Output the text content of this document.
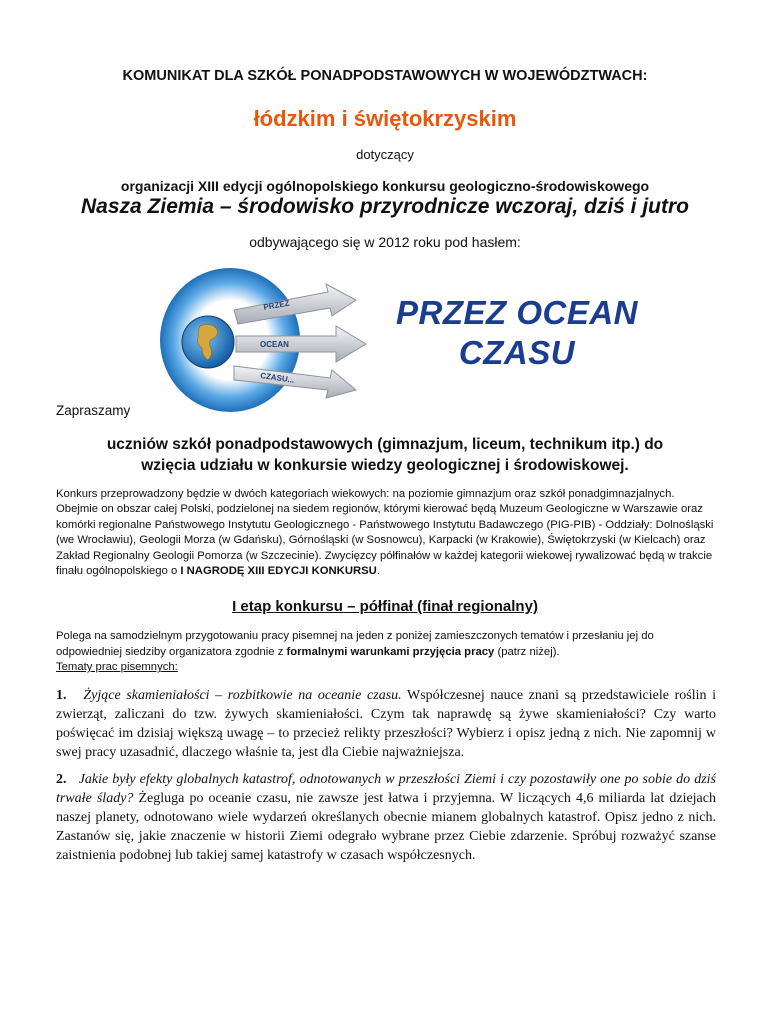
KOMUNIKAT DLA SZKÓŁ PONADPODSTAWOWYCH W WOJEWÓDZTWACH:
łódzkim i świętokrzyskim
dotyczący
organizacji XIII edycji ogólnopolskiego konkursu geologiczno-środowiskowego
Nasza Ziemia – środowisko przyrodnicze wczoraj, dziś i jutro
odbywającego się w 2012 roku pod hasłem:
PRZEZ
OCEAN
CZASU...
PRZEZ OCEAN
CZASU
Zapraszamy
uczniów szkół ponadpodstawowych (gimnazjum, liceum, technikum itp.) do
wzięcia udziału w konkursie wiedzy geologicznej i środowiskowej.
Konkurs przeprowadzony będzie w dwóch kategoriach wiekowych: na poziomie gimnazjum oraz szkół ponadgimnazjalnych. Obejmie on obszar całej Polski, podzielonej na siedem regionów, którymi kierować będą Muzeum Geologiczne w Warszawie oraz komórki regionalne Państwowego Instytutu Geologicznego - Państwowego Instytutu Badawczego (PIG-PIB) - Oddziały: Dolnośląski (we Wrocławiu), Geologii Morza (w Gdańsku), Górnośląski (w Sosnowcu), Karpacki (w Krakowie), Świętokrzyski (w Kielcach) oraz Zakład Regionalny Geologii Pomorza (w Szczecinie). Zwycięzcy półfinałów w każdej kategorii wiekowej rywalizować będą w trakcie finału ogólnopolskiego o I NAGRODĘ XIII EDYCJI KONKURSU.
I etap konkursu – półfinał (finał regionalny)
Polega na samodzielnym przygotowaniu pracy pisemnej na jeden z poniżej zamieszczonych tematów i przesłaniu jej do odpowiedniej siedziby organizatora zgodnie z formalnymi warunkami przyjęcia pracy (patrz niżej).
Tematy prac pisemnych:
1. Żyjące skamieniałości – rozbitkowie na oceanie czasu. Współczesnej nauce znani są przedstawiciele roślin i zwierząt, zaliczani do tzw. żywych skamieniałości. Czym tak naprawdę są żywe skamieniałości? Czy warto poświęcać im dzisiaj większą uwagę – to przecież relikty przeszłości? Wybierz i opisz jedną z nich. Nie zapomnij w swej pracy uzasadnić, dlaczego właśnie ta, jest dla Ciebie najważniejsza.
2. Jakie były efekty globalnych katastrof, odnotowanych w przeszłości Ziemi i czy pozostawiły one po sobie do dziś trwałe ślady? Żegluga po oceanie czasu, nie zawsze jest łatwa i przyjemna. W liczących 4,6 miliarda lat dziejach naszej planety, odnotowano wiele wydarzeń określanych obecnie mianem globalnych katastrof. Opisz jedno z nich. Zastanów się, jakie znaczenie w historii Ziemi odegrało wybrane przez Ciebie zdarzenie. Spróbuj rozważyć szanse zaistnienia podobnej lub takiej samej katastrofy w czasach współczesnych.
